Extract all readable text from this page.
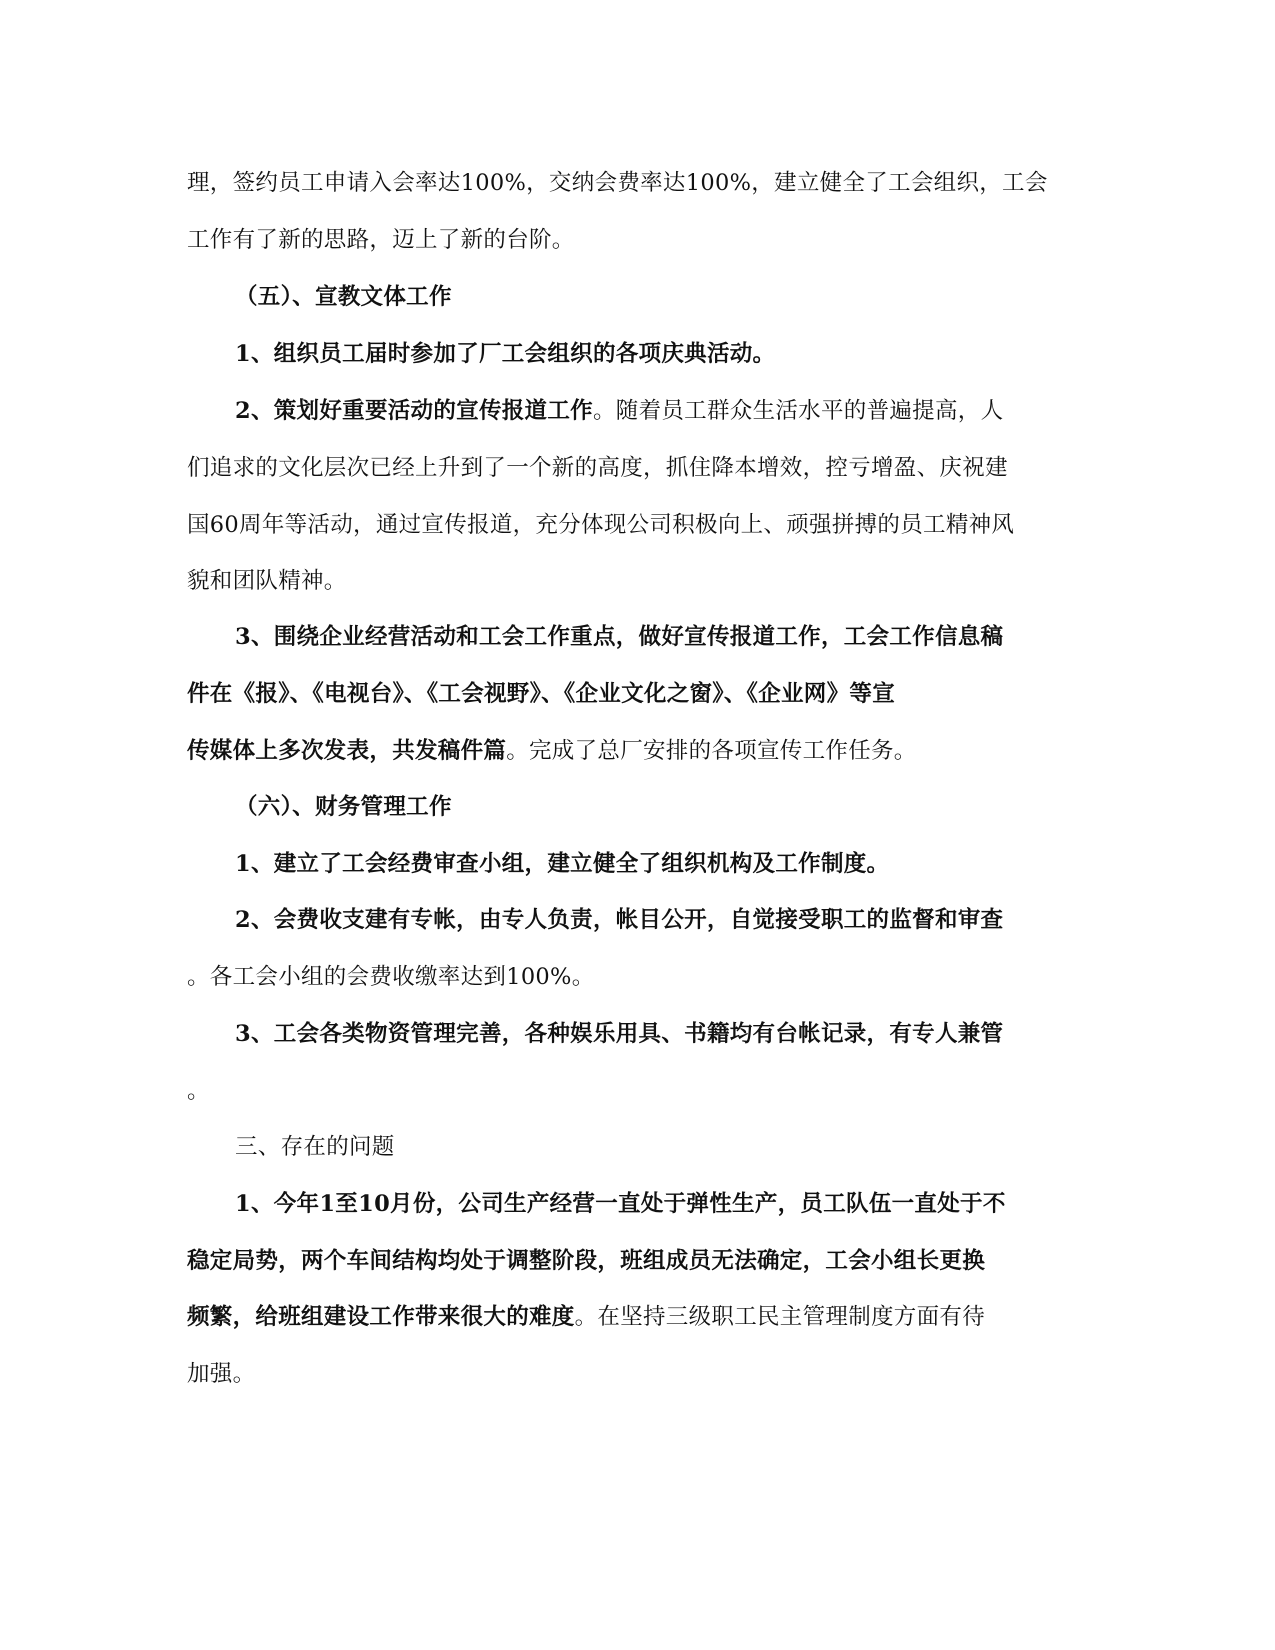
理，签约员工申请入会率达100%，交纳会费率达100%，建立健全了工会组织，工会
工作有了新的思路，迈上了新的台阶。
（五）、宣教文体工作
1、组织员工届时参加了厂工会组织的各项庆典活动。
2、策划好重要活动的宣传报道工作。随着员工群众生活水平的普遍提高，人
们追求的文化层次已经上升到了一个新的高度，抓住降本增效，控亏增盈、庆祝建
国60周年等活动，通过宣传报道，充分体现公司积极向上、顽强拼搏的员工精神风
貌和团队精神。
3、围绕企业经营活动和工会工作重点，做好宣传报道工作，工会工作信息稿
件在《报》、《电视台》、《工会视野》、《企业文化之窗》、《企业网》等宣
传媒体上多次发表，共发稿件篇。完成了总厂安排的各项宣传工作任务。
（六）、财务管理工作
1、建立了工会经费审查小组，建立健全了组织机构及工作制度。
2、会费收支建有专帐，由专人负责，帐目公开，自觉接受职工的监督和审查
。各工会小组的会费收缴率达到100%。
3、工会各类物资管理完善，各种娱乐用具、书籍均有台帐记录，有专人兼管
。
三、存在的问题
1、今年1至10月份，公司生产经营一直处于弹性生产，员工队伍一直处于不
稳定局势，两个车间结构均处于调整阶段，班组成员无法确定，工会小组长更换
频繁，给班组建设工作带来很大的难度。在坚持三级职工民主管理制度方面有待
加强。
